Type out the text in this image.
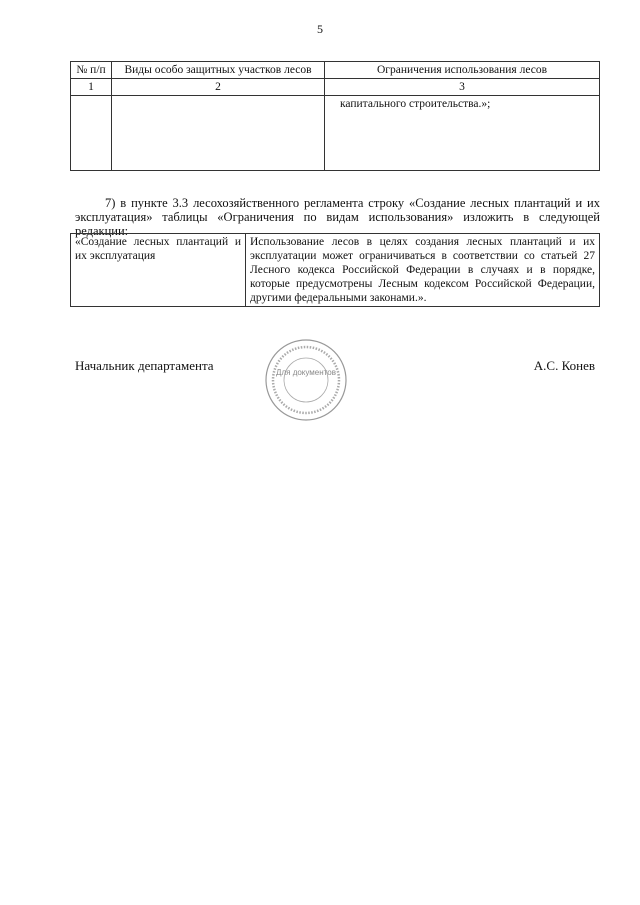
5
№ п/п	Виды особо защитных участков лесов	Ограничения использования лесов
1	2	3

		капитального строительства.»;

7) в пункте 3.3 лесохозяйственного регламента строку «Создание лесных плантаций и их эксплуатация» таблицы «Ограничения по видам использования» изложить в следующей редакции:

«Создание лесных плантаций и их эксплуатация	Использование лесов в целях создания лесных плантаций и их эксплуатации может ограничиваться в соответствии со статьей 27 Лесного кодекса Российской Федерации в случаях и в порядке, которые предусмотрены Лесным кодексом Российской Федерации, другими федеральными законами.».
Начальник департамента	А.С. Конев
Для документов
